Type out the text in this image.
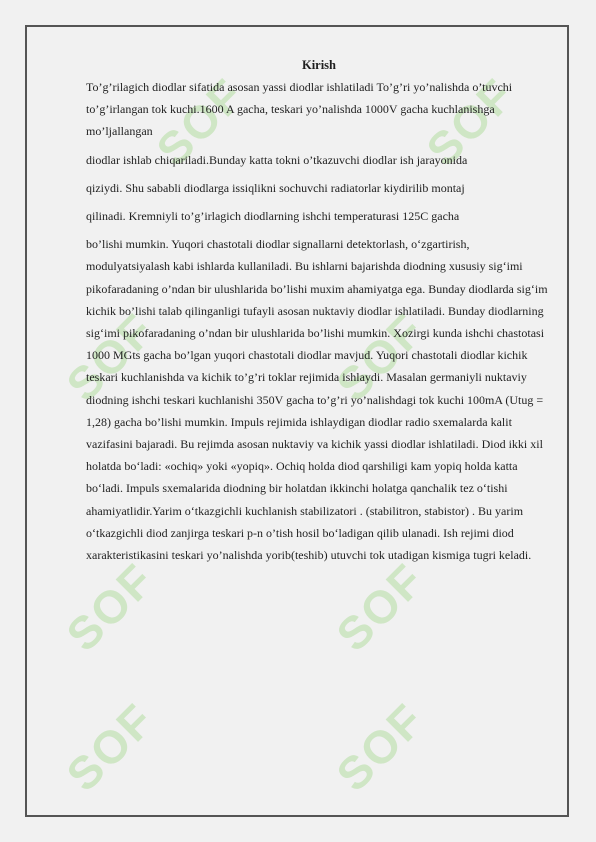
SOF	SOF
SOF	SOF
SOF	SOF
SOF	SOF

Kirish

To’g’rilagich diodlar sifatida asosan yassi diodlar ishlatiladi To’g’ri yo’nalishda o’tuvchi to’g’irlangan tok kuchi.1600 A gacha, teskari yo’nalishda 1000V gacha kuchlanishga mo’ljallangan

diodlar ishlab chiqariladi.Bunday katta tokni o’tkazuvchi diodlar ish jarayonida

qiziydi. Shu sababli diodlarga issiqlikni sochuvchi radiatorlar kiydirilib montaj

qilinadi. Kremniyli to’g’irlagich diodlarning ishchi temperaturasi 125C gacha

bo’lishi mumkin. Yuqori chastotali diodlar signallarni detektorlash, o‘zgartirish, modulyatsiyalash kabi ishlarda kullaniladi. Bu ishlarni bajarishda diodning xususiy sig‘imi pikofaradaning o’ndan bir ulushlarida bo’lishi muxim ahamiyatga ega. Bunday diodlarda sig‘im kichik bo’lishi talab qilinganligi tufayli asosan nuktaviy diodlar ishlatiladi. Bunday diodlarning sig‘imi pikofaradaning o’ndan bir ulushlarida bo’lishi mumkin. Xozirgi kunda ishchi chastotasi 1000 MGts gacha bo’lgan yuqori chastotali diodlar mavjud. Yuqori chastotali diodlar kichik teskari kuchlanishda va kichik to’g’ri toklar rejimida ishlaydi. Masalan germaniyli nuktaviy diodning ishchi teskari kuchlanishi 350V gacha to’g’ri yo’nalishdagi tok kuchi 100mA (Utug = 1,28) gacha bo’lishi mumkin. Impuls rejimida ishlaydigan diodlar radio sxemalarda kalit vazifasini bajaradi. Bu rejimda asosan nuktaviy va kichik yassi diodlar ishlatiladi. Diod ikki xil holatda bo‘ladi: «ochiq» yoki «yopiq». Ochiq holda diod qarshiligi kam yopiq holda katta bo‘ladi. Impuls sxemalarida diodning bir holatdan ikkinchi holatga qanchalik tez o‘tishi ahamiyatlidir.Yarim o‘tkazgichli kuchlanish stabilizatori . (stabilitron, stabistor) . Bu yarim o‘tkazgichli diod zanjirga teskari p-n o’tish hosil bo‘ladigan qilib ulanadi. Ish rejimi diod xarakteristikasini teskari yo’nalishda yorib(teshib) utuvchi tok utadigan kismiga tugri keladi.
